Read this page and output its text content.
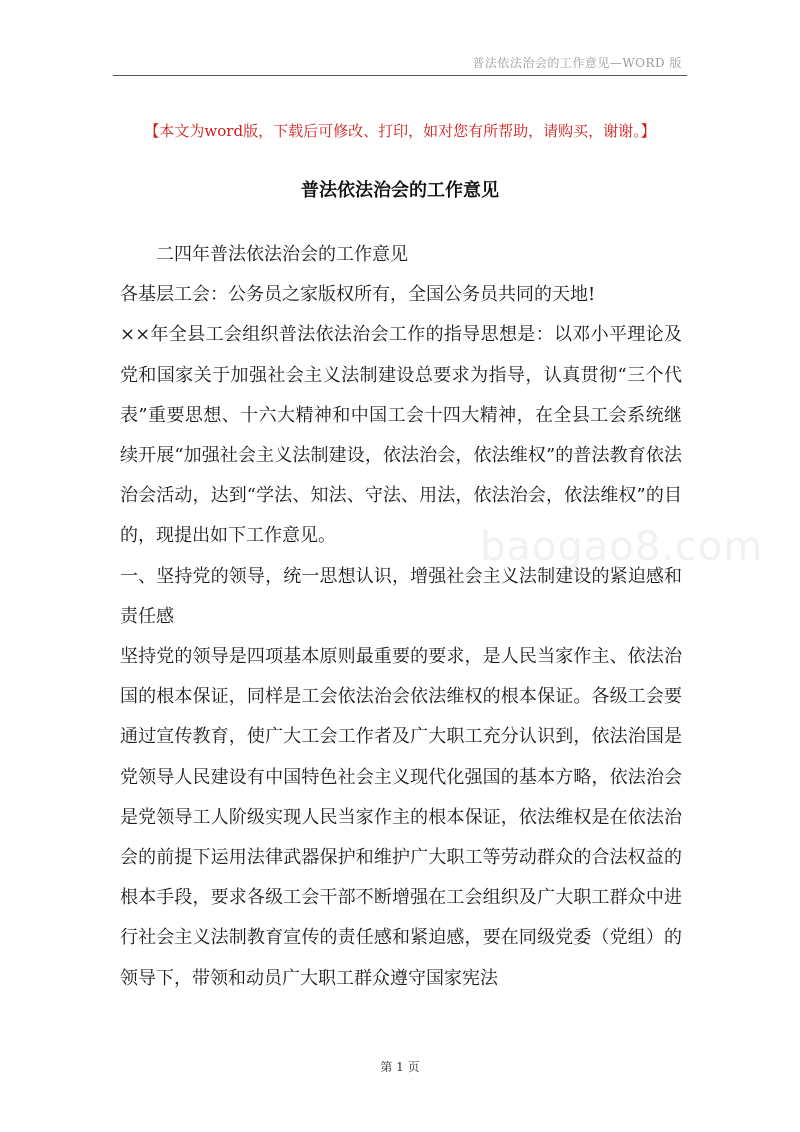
普法依法治会的工作意见—WORD 版
【本文为word版，下载后可修改、打印，如对您有所帮助，请购买，谢谢。】
普法依法治会的工作意见
baogao8.com

二四年普法依法治会的工作意见

各基层工会：公务员之家版权所有，全国公务员共同的天地!

××年全县工会组织普法依法治会工作的指导思想是：以邓小平理论及党和国家关于加强社会主义法制建设总要求为指导，认真贯彻“三个代表”重要思想、十六大精神和中国工会十四大精神，在全县工会系统继续开展“加强社会主义法制建设，依法治会，依法维权”的普法教育依法治会活动，达到“学法、知法、守法、用法，依法治会，依法维权”的目的，现提出如下工作意见。

一、坚持党的领导，统一思想认识，增强社会主义法制建设的紧迫感和责任感

坚持党的领导是四项基本原则最重要的要求，是人民当家作主、依法治国的根本保证，同样是工会依法治会依法维权的根本保证。各级工会要通过宣传教育，使广大工会工作者及广大职工充分认识到，依法治国是党领导人民建设有中国特色社会主义现代化强国的基本方略，依法治会是党领导工人阶级实现人民当家作主的根本保证，依法维权是在依法治会的前提下运用法律武器保护和维护广大职工等劳动群众的合法权益的根本手段，要求各级工会干部不断增强在工会组织及广大职工群众中进行社会主义法制教育宣传的责任感和紧迫感，要在同级党委（党组）的领导下，带领和动员广大职工群众遵守国家宪法

第 1 页
